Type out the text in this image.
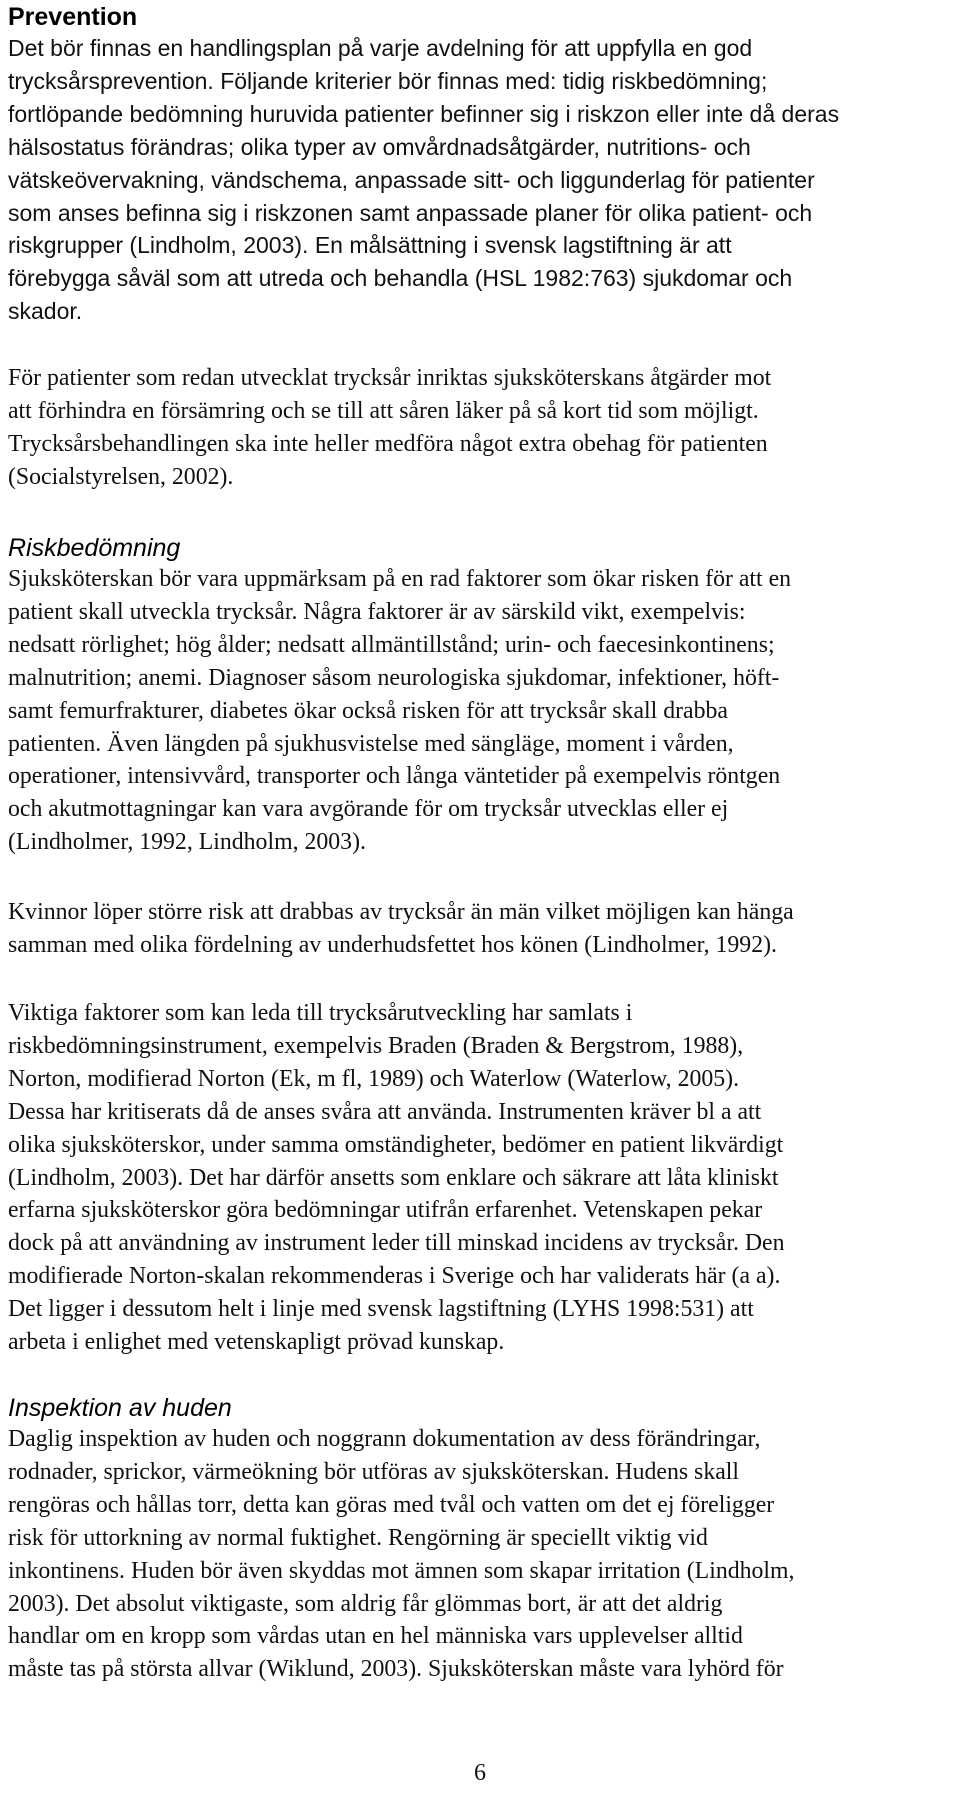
Prevention

Det bör finnas en handlingsplan på varje avdelning för att uppfylla en god
trycksårsprevention. Följande kriterier bör finnas med: tidig riskbedömning;
fortlöpande bedömning huruvida patienter befinner sig i riskzon eller inte då deras
hälsostatus förändras; olika typer av omvårdnadsåtgärder, nutritions- och
vätskeövervakning, vändschema, anpassade sitt- och liggunderlag för patienter
som anses befinna sig i riskzonen samt anpassade planer för olika patient- och
riskgrupper (Lindholm, 2003). En målsättning i svensk lagstiftning är att
förebygga såväl som att utreda och behandla (HSL 1982:763) sjukdomar och
skador.

För patienter som redan utvecklat trycksår inriktas sjuksköterskans åtgärder mot
att förhindra en försämring och se till att såren läker på så kort tid som möjligt.
Trycksårsbehandlingen ska inte heller medföra något extra obehag för patienten
(Socialstyrelsen, 2002).

Riskbedömning

Sjuksköterskan bör vara uppmärksam på en rad faktorer som ökar risken för att en
patient skall utveckla trycksår. Några faktorer är av särskild vikt, exempelvis:
nedsatt rörlighet; hög ålder; nedsatt allmäntillstånd; urin- och faecesinkontinens;
malnutrition; anemi. Diagnoser såsom neurologiska sjukdomar, infektioner, höft-
samt femurfrakturer, diabetes ökar också risken för att trycksår skall drabba
patienten. Även längden på sjukhusvistelse med sängläge, moment i vården,
operationer, intensivvård, transporter och långa väntetider på exempelvis röntgen
och akutmottagningar kan vara avgörande för om trycksår utvecklas eller ej
(Lindholmer, 1992, Lindholm, 2003).

Kvinnor löper större risk att drabbas av trycksår än män vilket möjligen kan hänga
samman med olika fördelning av underhudsfettet hos könen (Lindholmer, 1992).

Viktiga faktorer som kan leda till trycksårutveckling har samlats i
riskbedömningsinstrument, exempelvis Braden (Braden & Bergstrom, 1988),
Norton, modifierad Norton (Ek, m fl, 1989) och Waterlow (Waterlow, 2005).
Dessa har kritiserats då de anses svåra att använda. Instrumenten kräver bl a att
olika sjuksköterskor, under samma omständigheter, bedömer en patient likvärdigt
(Lindholm, 2003). Det har därför ansetts som enklare och säkrare att låta kliniskt
erfarna sjuksköterskor göra bedömningar utifrån erfarenhet. Vetenskapen pekar
dock på att användning av instrument leder till minskad incidens av trycksår. Den
modifierade Norton-skalan rekommenderas i Sverige och har validerats här (a a).
Det ligger i dessutom helt i linje med svensk lagstiftning (LYHS 1998:531) att
arbeta i enlighet med vetenskapligt prövad kunskap.

Inspektion av huden

Daglig inspektion av huden och noggrann dokumentation av dess förändringar,
rodnader, sprickor, värmeökning bör utföras av sjuksköterskan. Hudens skall
rengöras och hållas torr, detta kan göras med tvål och vatten om det ej föreligger
risk för uttorkning av normal fuktighet. Rengörning är speciellt viktig vid
inkontinens. Huden bör även skyddas mot ämnen som skapar irritation (Lindholm,
2003). Det absolut viktigaste, som aldrig får glömmas bort, är att det aldrig
handlar om en kropp som vårdas utan en hel människa vars upplevelser alltid
måste tas på största allvar (Wiklund, 2003). Sjuksköterskan måste vara lyhörd för

6
